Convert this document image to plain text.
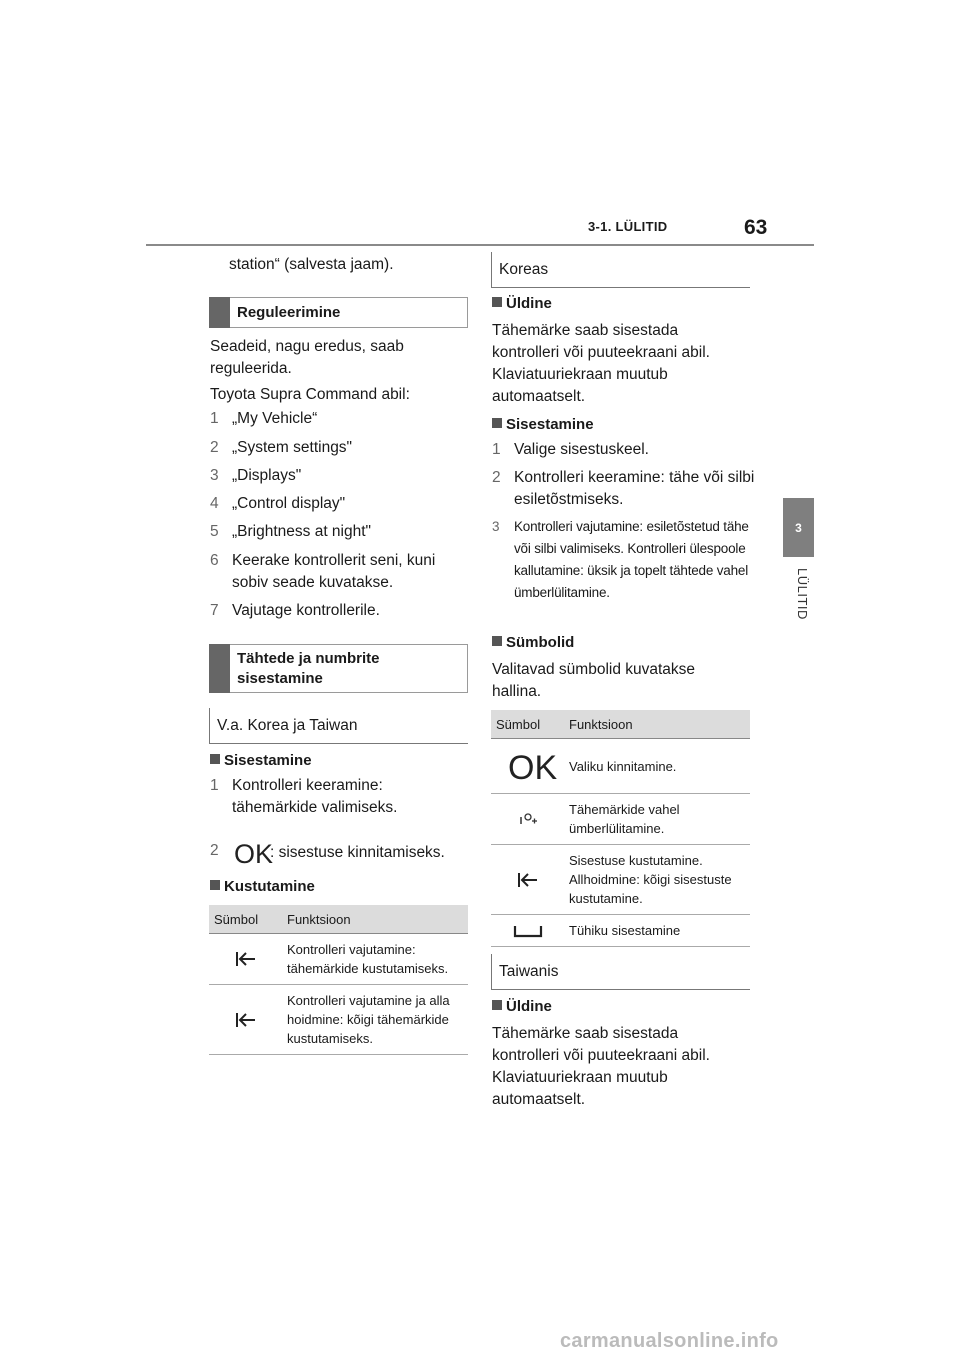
3-1. LÜLITID	63
3
LÜLITID
station“ (salvesta jaam).
Reguleerimine
Seadeid, nagu eredus, saab reguleerida.
Toyota Supra Command abil:
1 „My Vehicle“
2 „System settings"
3 „Displays"
4 „Control display"
5 „Brightness at night"
6 Keerake kontrollerit seni, kuni sobiv seade kuvatakse.
7 Vajutage kontrollerile.
Tähtede ja numbrite sisestamine
V.a. Korea ja Taiwan
Sisestamine
1 Kontrolleri keeramine: tähemärkide valimiseks.
2 OK
: sisestuse kinnitamiseks.
Kustutamine
Sümbol	Funktsioon

	Kontrolleri vajutamine: tähemärkide kustutamiseks.

	Kontrolleri vajutamine ja alla hoidmine: kõigi tähemärkide kustutamiseks.
Koreas
Üldine
Tähemärke saab sisestada kontrolleri või puuteekraani abil. Klaviatuuriekraan muutub automaatselt.
Sisestamine
1 Valige sisestuskeel.
2 Kontrolleri keeramine: tähe või silbi esiletõstmiseks.
3 Kontrolleri vajutamine: esiletõstetud tähe või silbi valimiseks. Kontrolleri ülespoole kallutamine: üksik ja topelt tähtede vahel ümberlülitamine.
Sümbolid
Valitavad sümbolid kuvatakse hallina.
Sümbol	Funktsioon

OK	Valiku kinnitamine.

	Tähemärkide vahel ümberlülitamine.

	Sisestuse kustutamine. Allhoidmine: kõigi sisestuste kustutamine.

	Tühiku sisestamine
Taiwanis
Üldine
Tähemärke saab sisestada kontrolleri või puuteekraani abil. Klaviatuuriekraan muutub automaatselt.
carmanualsonline.info
